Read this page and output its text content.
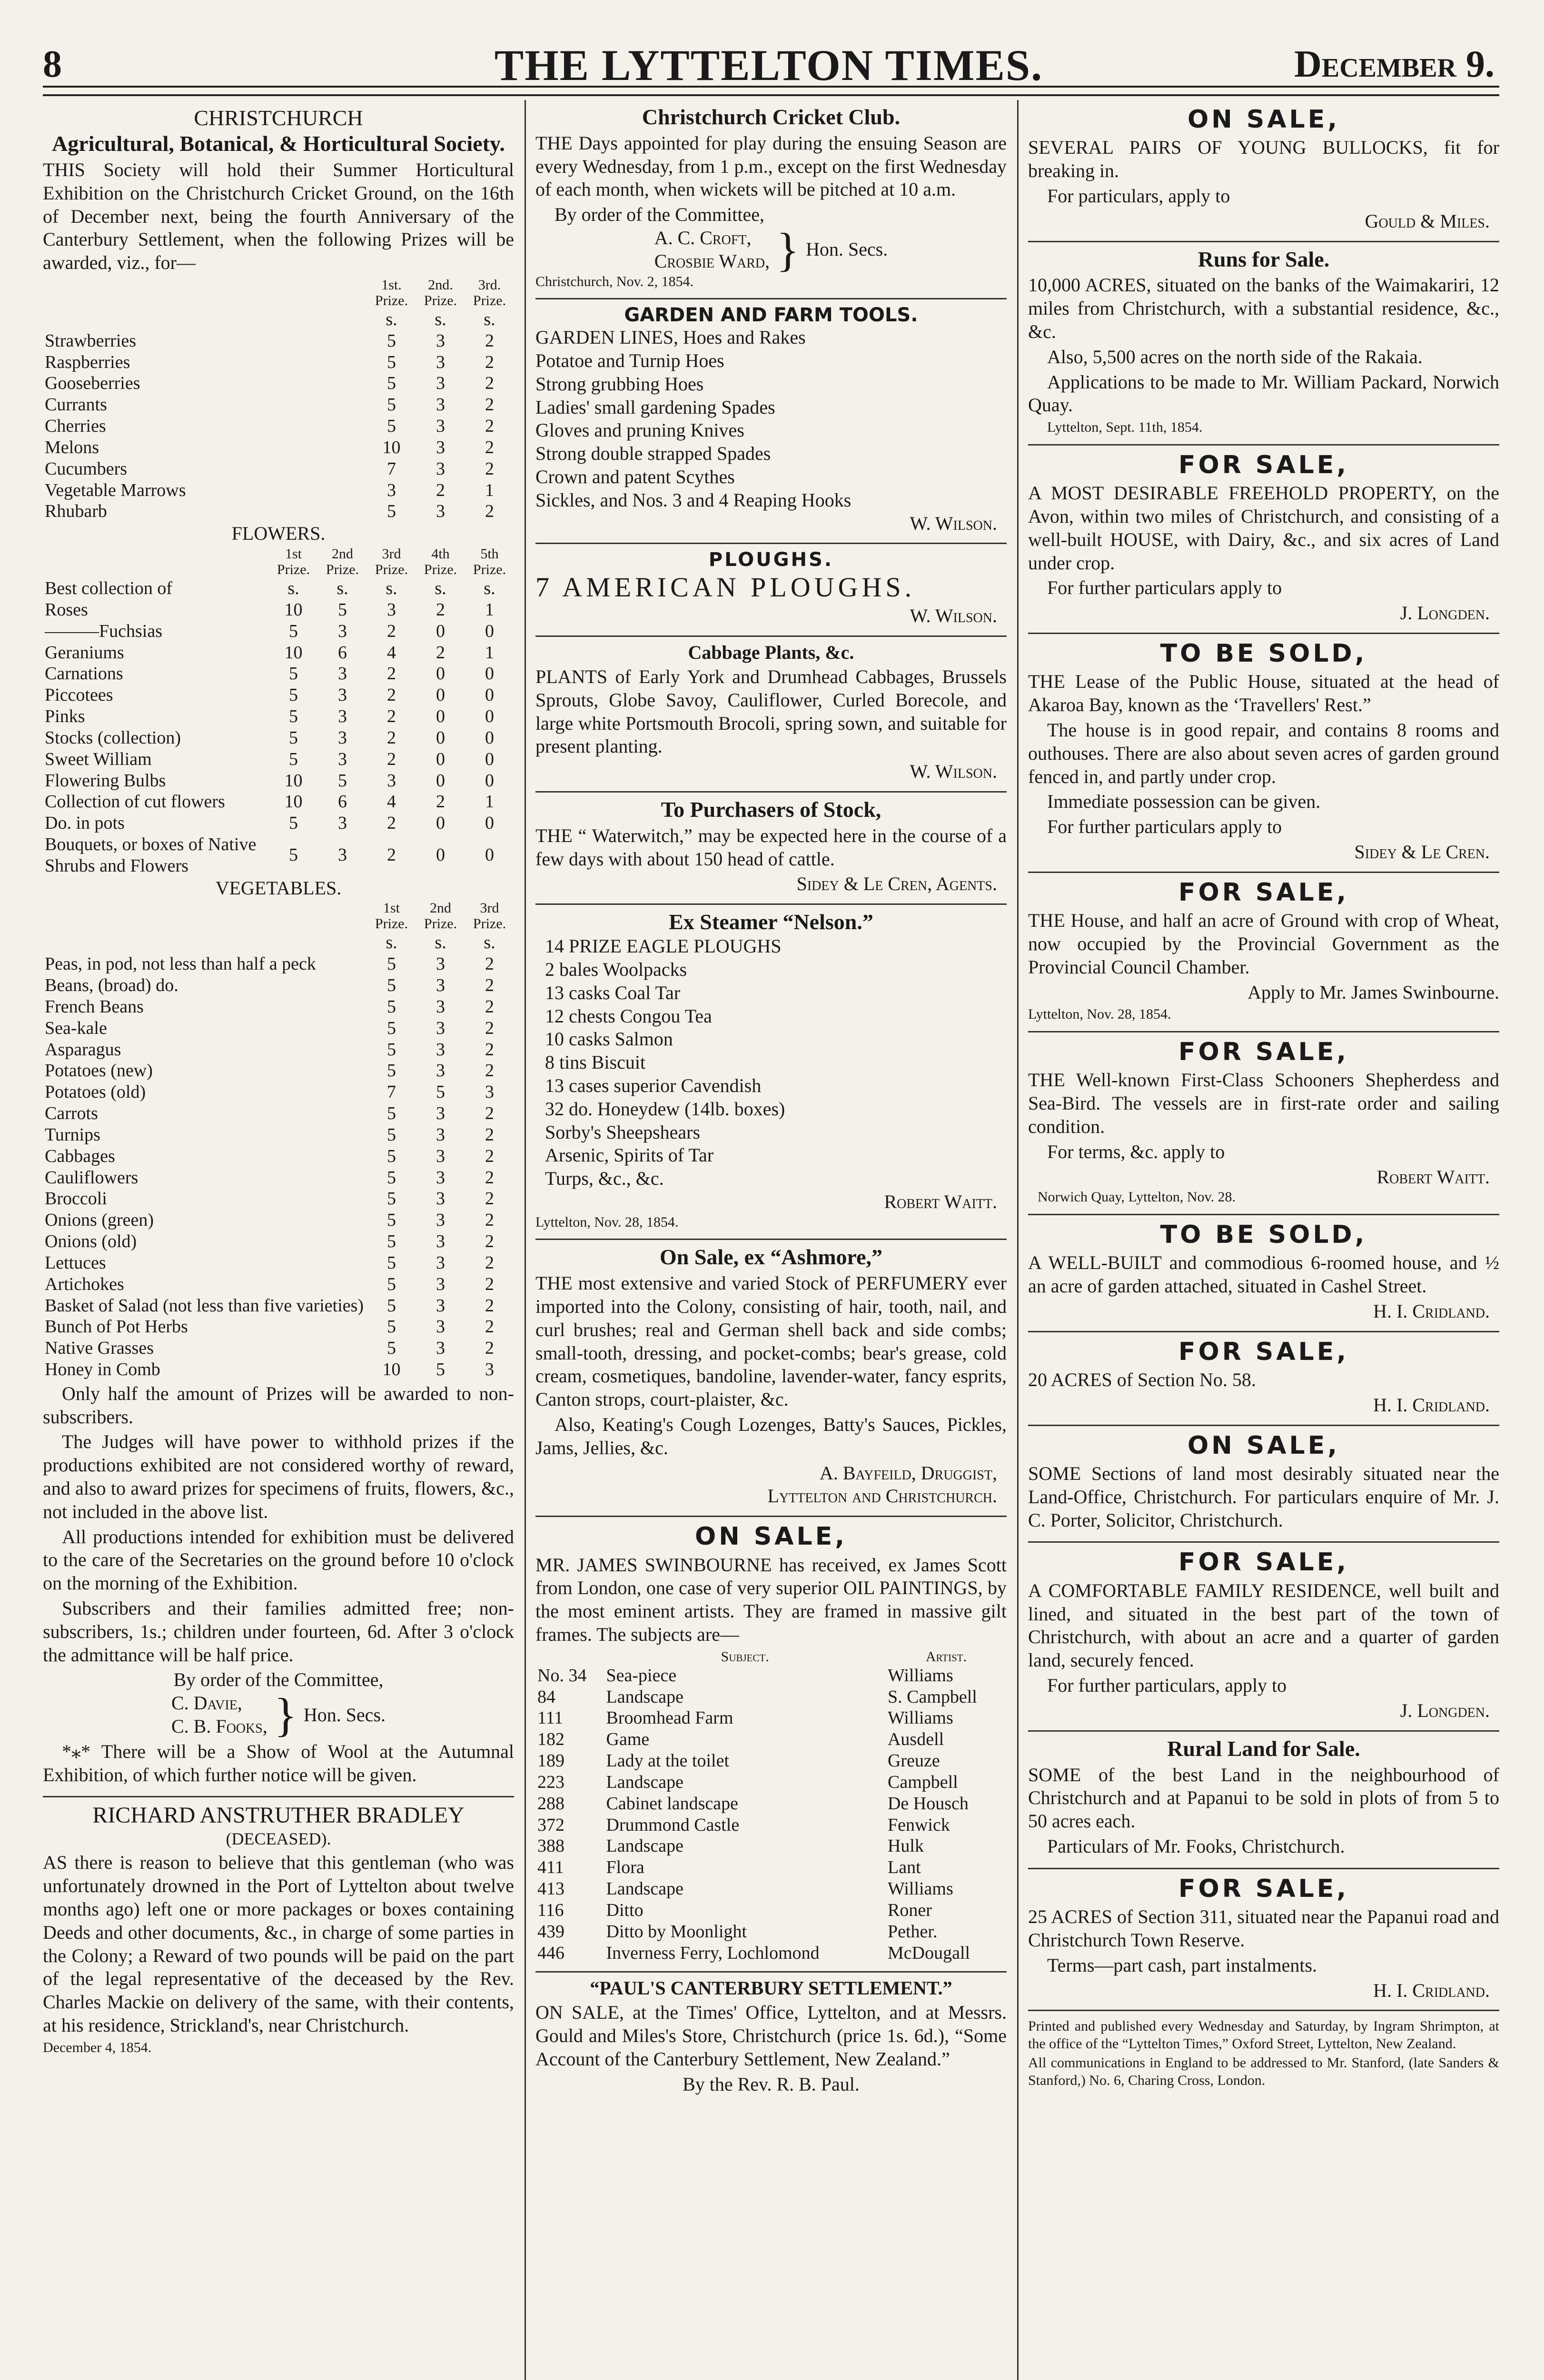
8	THE LYTTELTON TIMES.	December 9.
CHRISTCHURCH
Agricultural, Botanical, & Horticultural Society.

THIS Society will hold their Summer Horticultural Exhibition on the Christchurch Cricket Ground, on the 16th of December next, being the fourth Anniversary of the Canterbury Settlement, when the following Prizes will be awarded, viz., for—

	1st. Prize.	2nd. Prize.	3rd. Prize.
	s.	s.	s.
Strawberries	5	3	2
Raspberries	5	3	2
Gooseberries	5	3	2
Currants	5	3	2
Cherries	5	3	2
Melons	10	3	2
Cucumbers	7	3	2
Vegetable Marrows	3	2	1
Rhubarb	5	3	2
FLOWERS.
	1st Prize.	2nd Prize.	3rd Prize.	4th Prize.	5th Prize.
Best collection of	s.	s.	s.	s.	s.
Roses	10	5	3	2	1
———Fuchsias	5	3	2	0	0
Geraniums	10	6	4	2	1
Carnations	5	3	2	0	0
Piccotees	5	3	2	0	0
Pinks	5	3	2	0	0
Stocks (collection)	5	3	2	0	0
Sweet William	5	3	2	0	0
Flowering Bulbs	10	5	3	0	0
Collection of cut flowers	10	6	4	2	1
Do. in pots	5	3	2	0	0
Bouquets, or boxes of Native Shrubs and Flowers	5	3	2	0	0
VEGETABLES.
	1st Prize.	2nd Prize.	3rd Prize.
	s.	s.	s.
Peas, in pod, not less than half a peck	5	3	2
Beans, (broad) do.	5	3	2
French Beans	5	3	2
Sea-kale	5	3	2
Asparagus	5	3	2
Potatoes (new)	5	3	2
Potatoes (old)	7	5	3
Carrots	5	3	2
Turnips	5	3	2
Cabbages	5	3	2
Cauliflowers	5	3	2
Broccoli	5	3	2
Onions (green)	5	3	2
Onions (old)	5	3	2
Lettuces	5	3	2
Artichokes	5	3	2
Basket of Salad (not less than five varieties)	5	3	2
Bunch of Pot Herbs	5	3	2
Native Grasses	5	3	2
Honey in Comb	10	5	3

Only half the amount of Prizes will be awarded to non-subscribers.

The Judges will have power to withhold prizes if the productions exhibited are not considered worthy of reward, and also to award prizes for specimens of fruits, flowers, &c., not included in the above list.

All productions intended for exhibition must be delivered to the care of the Secretaries on the ground before 10 o'clock on the morning of the Exhibition.

Subscribers and their families admitted free; non-subscribers, 1s.; children under fourteen, 6d. After 3 o'clock the admittance will be half price.

By order of the Committee,
C. Davie,
C. B. Fooks, } Hon. Secs.

*⁎* There will be a Show of Wool at the Autumnal Exhibition, of which further notice will be given.

RICHARD ANSTRUTHER BRADLEY
(DECEASED).

AS there is reason to believe that this gentleman (who was unfortunately drowned in the Port of Lyttelton about twelve months ago) left one or more packages or boxes containing Deeds and other documents, &c., in charge of some parties in the Colony; a Reward of two pounds will be paid on the part of the legal representative of the deceased by the Rev. Charles Mackie on delivery of the same, with their contents, at his residence, Strickland's, near Christchurch.

December 4, 1854.
Christchurch Cricket Club.

THE Days appointed for play during the ensuing Season are every Wednesday, from 1 p.m., except on the first Wednesday of each month, when wickets will be pitched at 10 a.m.

By order of the Committee,
A. C. Croft,
Crosbie Ward, } Hon. Secs.
Christchurch, Nov. 2, 1854.
GARDEN AND FARM TOOLS.
GARDEN LINES, Hoes and Rakes
Potatoe and Turnip Hoes
Strong grubbing Hoes
Ladies' small gardening Spades
Gloves and pruning Knives
Strong double strapped Spades
Crown and patent Scythes
Sickles, and Nos. 3 and 4 Reaping Hooks
W. Wilson.
PLOUGHS.
7 AMERICAN PLOUGHS.
W. Wilson.
Cabbage Plants, &c.

PLANTS of Early York and Drumhead Cabbages, Brussels Sprouts, Globe Savoy, Cauliflower, Curled Borecole, and large white Portsmouth Brocoli, spring sown, and suitable for present planting.

W. Wilson.
To Purchasers of Stock,

THE “ Waterwitch,” may be expected here in the course of a few days with about 150 head of cattle.

Sidey & Le Cren, Agents.
Ex Steamer “Nelson.”
14 PRIZE EAGLE PLOUGHS
2 bales Woolpacks
13 casks Coal Tar
12 chests Congou Tea
10 casks Salmon
8 tins Biscuit
13 cases superior Cavendish
32 do. Honeydew (14lb. boxes)
Sorby's Sheepshears
Arsenic, Spirits of Tar
Turps, &c., &c.
Robert Waitt.
Lyttelton, Nov. 28, 1854.
On Sale, ex “Ashmore,”

THE most extensive and varied Stock of PERFUMERY ever imported into the Colony, consisting of hair, tooth, nail, and curl brushes; real and German shell back and side combs; small-tooth, dressing, and pocket-combs; bear's grease, cold cream, cosmetiques, bandoline, lavender-water, fancy esprits, Canton strops, court-plaister, &c.

Also, Keating's Cough Lozenges, Batty's Sauces, Pickles, Jams, Jellies, &c.

A. Bayfeild, Druggist,
Lyttelton and Christchurch.
ON SALE,

MR. JAMES SWINBOURNE has received, ex James Scott from London, one case of very superior OIL PAINTINGS, by the most eminent artists. They are framed in massive gilt frames. The subjects are—

	Subject.	Artist.
No. 34	Sea-piece	Williams
84	Landscape	S. Campbell
111	Broomhead Farm	Williams
182	Game	Ausdell
189	Lady at the toilet	Greuze
223	Landscape	Campbell
288	Cabinet landscape	De Housch
372	Drummond Castle	Fenwick
388	Landscape	Hulk
411	Flora	Lant
413	Landscape	Williams
116	Ditto	Roner
439	Ditto by Moonlight	Pether.
446	Inverness Ferry, Lochlomond	McDougall
“PAUL'S CANTERBURY SETTLEMENT.”

ON SALE, at the Times' Office, Lyttelton, and at Messrs. Gould and Miles's Store, Christchurch (price 1s. 6d.), “Some Account of the Canterbury Settlement, New Zealand.”

By the Rev. R. B. Paul.
ON SALE,

SEVERAL PAIRS OF YOUNG BULLOCKS, fit for breaking in.

For particulars, apply to

Gould & Miles.
Runs for Sale.

10,000 ACRES, situated on the banks of the Waimakariri, 12 miles from Christchurch, with a substantial residence, &c., &c.

Also, 5,500 acres on the north side of the Rakaia.

Applications to be made to Mr. William Packard, Norwich Quay.

Lyttelton, Sept. 11th, 1854.
FOR SALE,

A MOST DESIRABLE FREEHOLD PROPERTY, on the Avon, within two miles of Christchurch, and consisting of a well-built HOUSE, with Dairy, &c., and six acres of Land under crop.

For further particulars apply to

J. Longden.
TO BE SOLD,

THE Lease of the Public House, situated at the head of Akaroa Bay, known as the ‘Travellers' Rest.”

The house is in good repair, and contains 8 rooms and outhouses. There are also about seven acres of garden ground fenced in, and partly under crop.

Immediate possession can be given.

For further particulars apply to

Sidey & Le Cren.
FOR SALE,

THE House, and half an acre of Ground with crop of Wheat, now occupied by the Provincial Government as the Provincial Council Chamber.

Apply to Mr. James Swinbourne.

Lyttelton, Nov. 28, 1854.
FOR SALE,

THE Well-known First-Class Schooners Shepherdess and Sea-Bird. The vessels are in first-rate order and sailing condition.

For terms, &c. apply to

Robert Waitt.
Norwich Quay, Lyttelton, Nov. 28.
TO BE SOLD,

A WELL-BUILT and commodious 6-roomed house, and ½ an acre of garden attached, situated in Cashel Street.

H. I. Cridland.
FOR SALE,

20 ACRES of Section No. 58.

H. I. Cridland.
ON SALE,

SOME Sections of land most desirably situated near the Land-Office, Christchurch. For particulars enquire of Mr. J. C. Porter, Solicitor, Christchurch.

FOR SALE,

A COMFORTABLE FAMILY RESIDENCE, well built and lined, and situated in the best part of the town of Christchurch, with about an acre and a quarter of garden land, securely fenced.

For further particulars, apply to

J. Longden.
Rural Land for Sale.

SOME of the best Land in the neighbourhood of Christchurch and at Papanui to be sold in plots of from 5 to 50 acres each.

Particulars of Mr. Fooks, Christchurch.

FOR SALE,

25 ACRES of Section 311, situated near the Papanui road and Christchurch Town Reserve.

Terms—part cash, part instalments.

H. I. Cridland.

Printed and published every Wednesday and Saturday, by Ingram Shrimpton, at the office of the “Lyttelton Times,” Oxford Street, Lyttelton, New Zealand.

All communications in England to be addressed to Mr. Stanford, (late Sanders & Stanford,) No. 6, Charing Cross, London.
